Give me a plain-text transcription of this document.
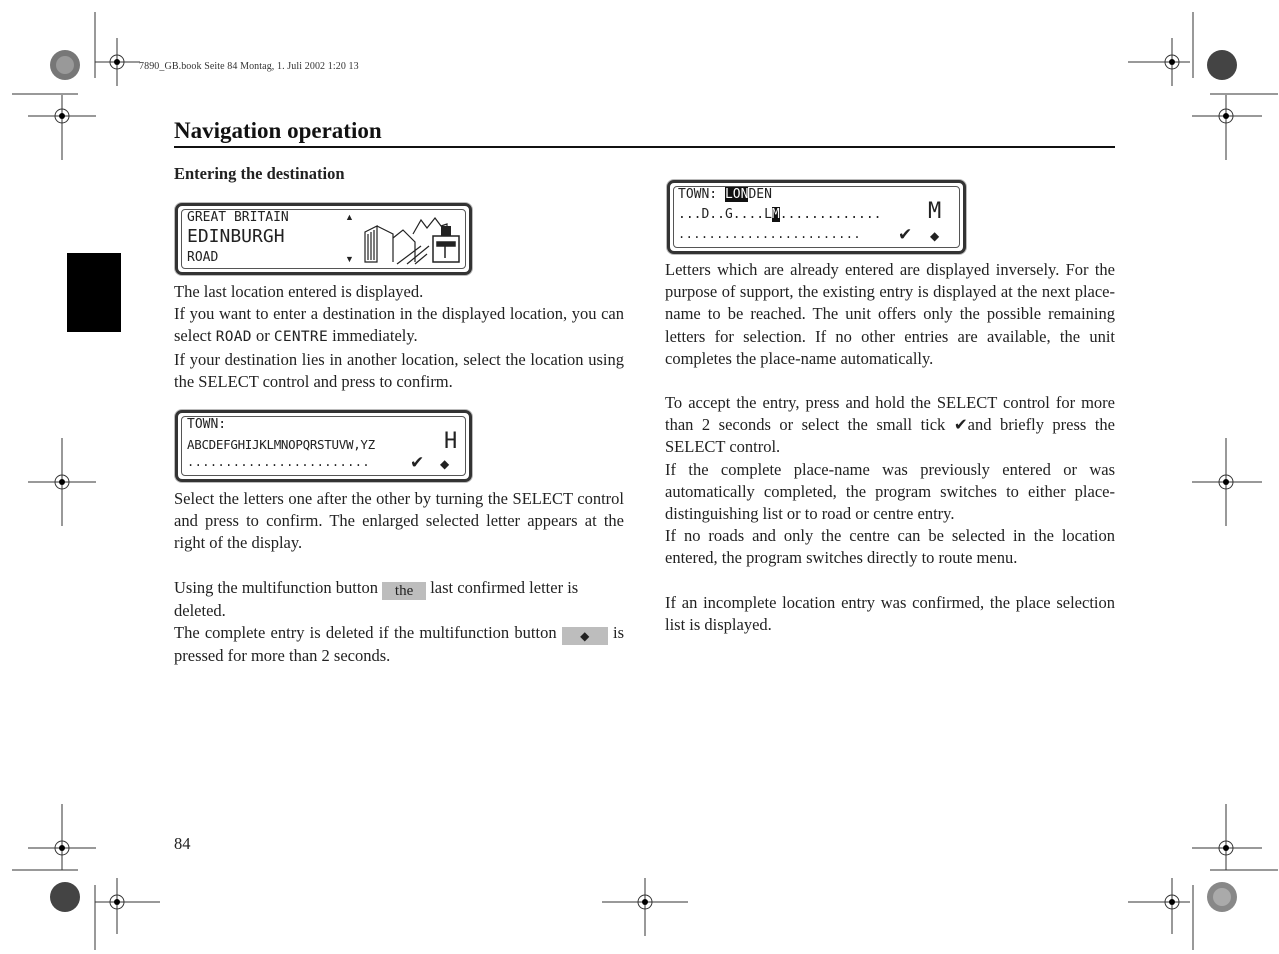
7890_GB.book Seite 84 Montag, 1. Juli 2002 1:20 13
Navigation operation
Entering the destination
GREAT BRITAIN
EDINBURGH
ROAD
▲
▼

The last location entered is displayed.

If you want to enter a destination in the displayed location, you can select ROAD or CENTRE immediately.

If your destination lies in another location, select the location using the SELECT control and press to confirm.

TOWN:
ABCDEFGHIJKLMNOPQRSTUVW,YZ	H
........................ ✔ ◆

Select the letters one after the other by turning the SELECT control and press to confirm. The enlarged selected letter appears at the right of the display.

Using the multifunction button the last confirmed letter is deleted.

The complete entry is deleted if the multifunction button ◆ is pressed for more than 2 seconds.

TOWN: LONDEN
...D..G....LM............. M
........................ ✔ ◆

Letters which are already entered are displayed inversely. For the purpose of support, the existing entry is displayed at the next place-name to be reached. The unit offers only the possible remaining letters for selection. If no other entries are available, the unit completes the place-name automatically.

To accept the entry, press and hold the SELECT control for more than 2 seconds or select the small tick ✔and briefly press the SELECT control.

If the complete place-name was previously entered or was automatically completed, the program switches to either place-distinguishing list or to road or centre entry.

If no roads and only the centre can be selected in the location entered, the program switches directly to route menu.

If an incomplete location entry was confirmed, the place selection list is displayed.

84
